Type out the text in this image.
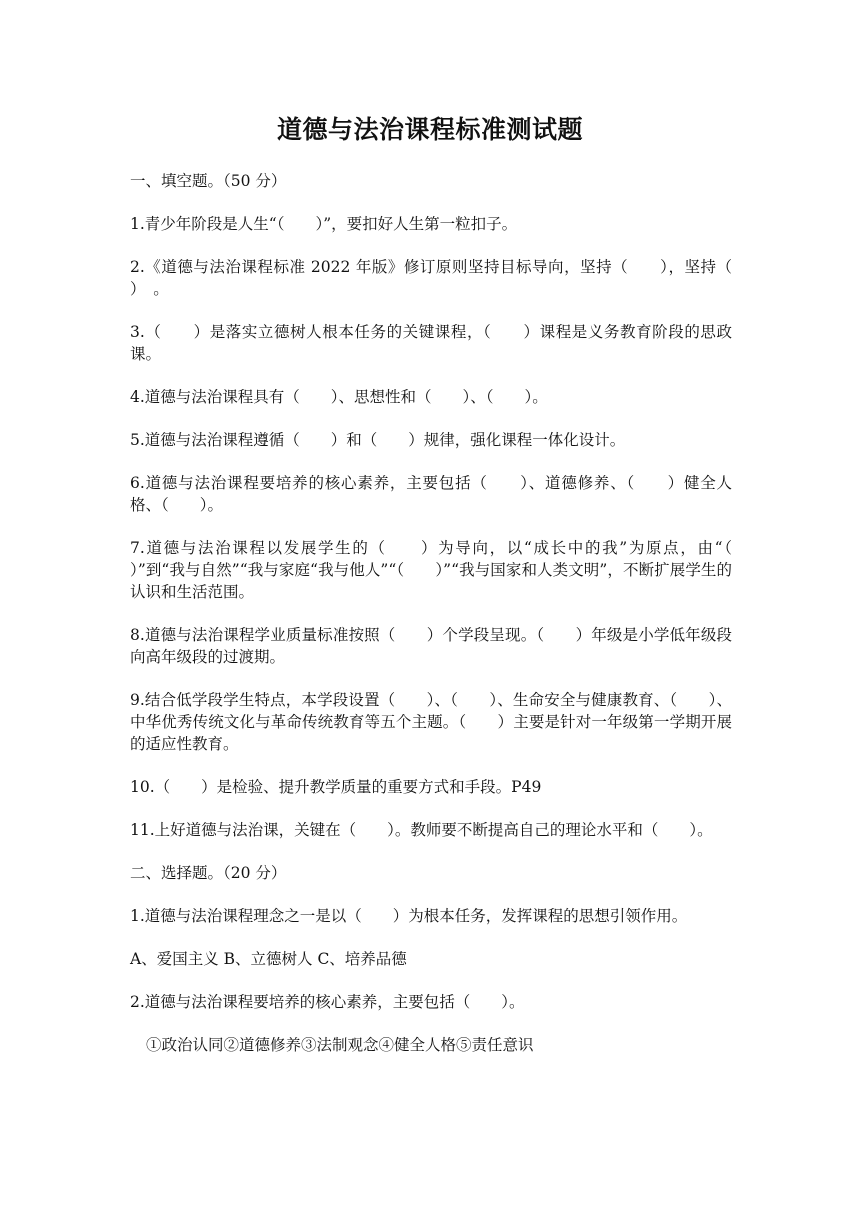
道德与法治课程标准测试题
一、填空题。（50 分）
1.青少年阶段是人生“（　　）”，要扣好人生第一粒扣子。
2.《道德与法治课程标准 2022 年版》修订原则坚持目标导向，坚持（　　），坚持（　　）　。
3.（　　）是落实立德树人根本任务的关键课程，（　　）课程是义务教育阶段的思政课。
4.道德与法治课程具有（　　）、思想性和（　　）、（　　）。
5.道德与法治课程遵循（　　）和（　　）规律，强化课程一体化设计。
6.道德与法治课程要培养的核心素养，主要包括（　　）、道德修养、（　　）健全人格、（　　）。
7.道德与法治课程以发展学生的（　　）为导向，以“成长中的我”为原点，由“（　　）”到“我与自然”“我与家庭“我与他人”“（　　）”“我与国家和人类文明”，不断扩展学生的认识和生活范围。
8.道德与法治课程学业质量标准按照（　　）个学段呈现。（　　）年级是小学低年级段向高年级段的过渡期。
9.结合低学段学生特点，本学段设置（　　）、（　　）、生命安全与健康教育、（　　）、中华优秀传统文化与革命传统教育等五个主题。（　　）主要是针对一年级第一学期开展的适应性教育。
10.（　　）是检验、提升教学质量的重要方式和手段。P49
11.上好道德与法治课，关键在（　　）。教师要不断提高自己的理论水平和（　　）。
二、选择题。（20 分）
1.道德与法治课程理念之一是以（　　）为根本任务，发挥课程的思想引领作用。
A、爱国主义 B、立德树人 C、培养品德
2.道德与法治课程要培养的核心素养，主要包括（　　）。
①政治认同②道德修养③法制观念④健全人格⑤责任意识
